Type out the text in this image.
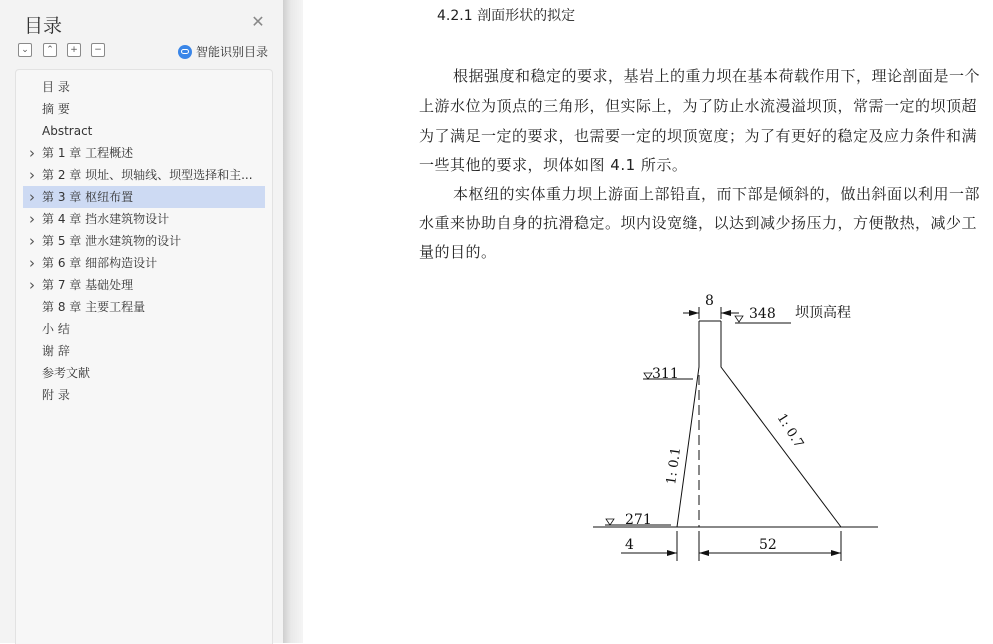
目录	✕
⌄	⌃	+	−	智能识别目录
目 录
摘 要
Abstract
› 第 1 章 工程概述
› 第 2 章 坝址、坝轴线、坝型选择和主...
› 第 3 章 枢纽布置
› 第 4 章 挡水建筑物设计
› 第 5 章 泄水建筑物的设计
› 第 6 章 细部构造设计
› 第 7 章 基础处理
第 8 章 主要工程量
小 结
谢 辞
参考文献
附 录
4.2.1 剖面形状的拟定
根据强度和稳定的要求，基岩上的重力坝在基本荷载作用下，理论剖面是一个
上游水位为顶点的三角形，但实际上，为了防止水流漫溢坝顶，常需一定的坝顶超
为了满足一定的要求，也需要一定的坝顶宽度；为了有更好的稳定及应力条件和满
一些其他的要求，坝体如图 4.1 所示。
本枢纽的实体重力坝上游面上部铅直，而下部是倾斜的，做出斜面以利用一部
水重来协助自身的抗滑稳定。坝内设宽缝，以达到减少扬压力，方便散热，减少工
量的目的。
8
348 坝顶高程
311
271
1: 0.1
1: 0.7
4	52
